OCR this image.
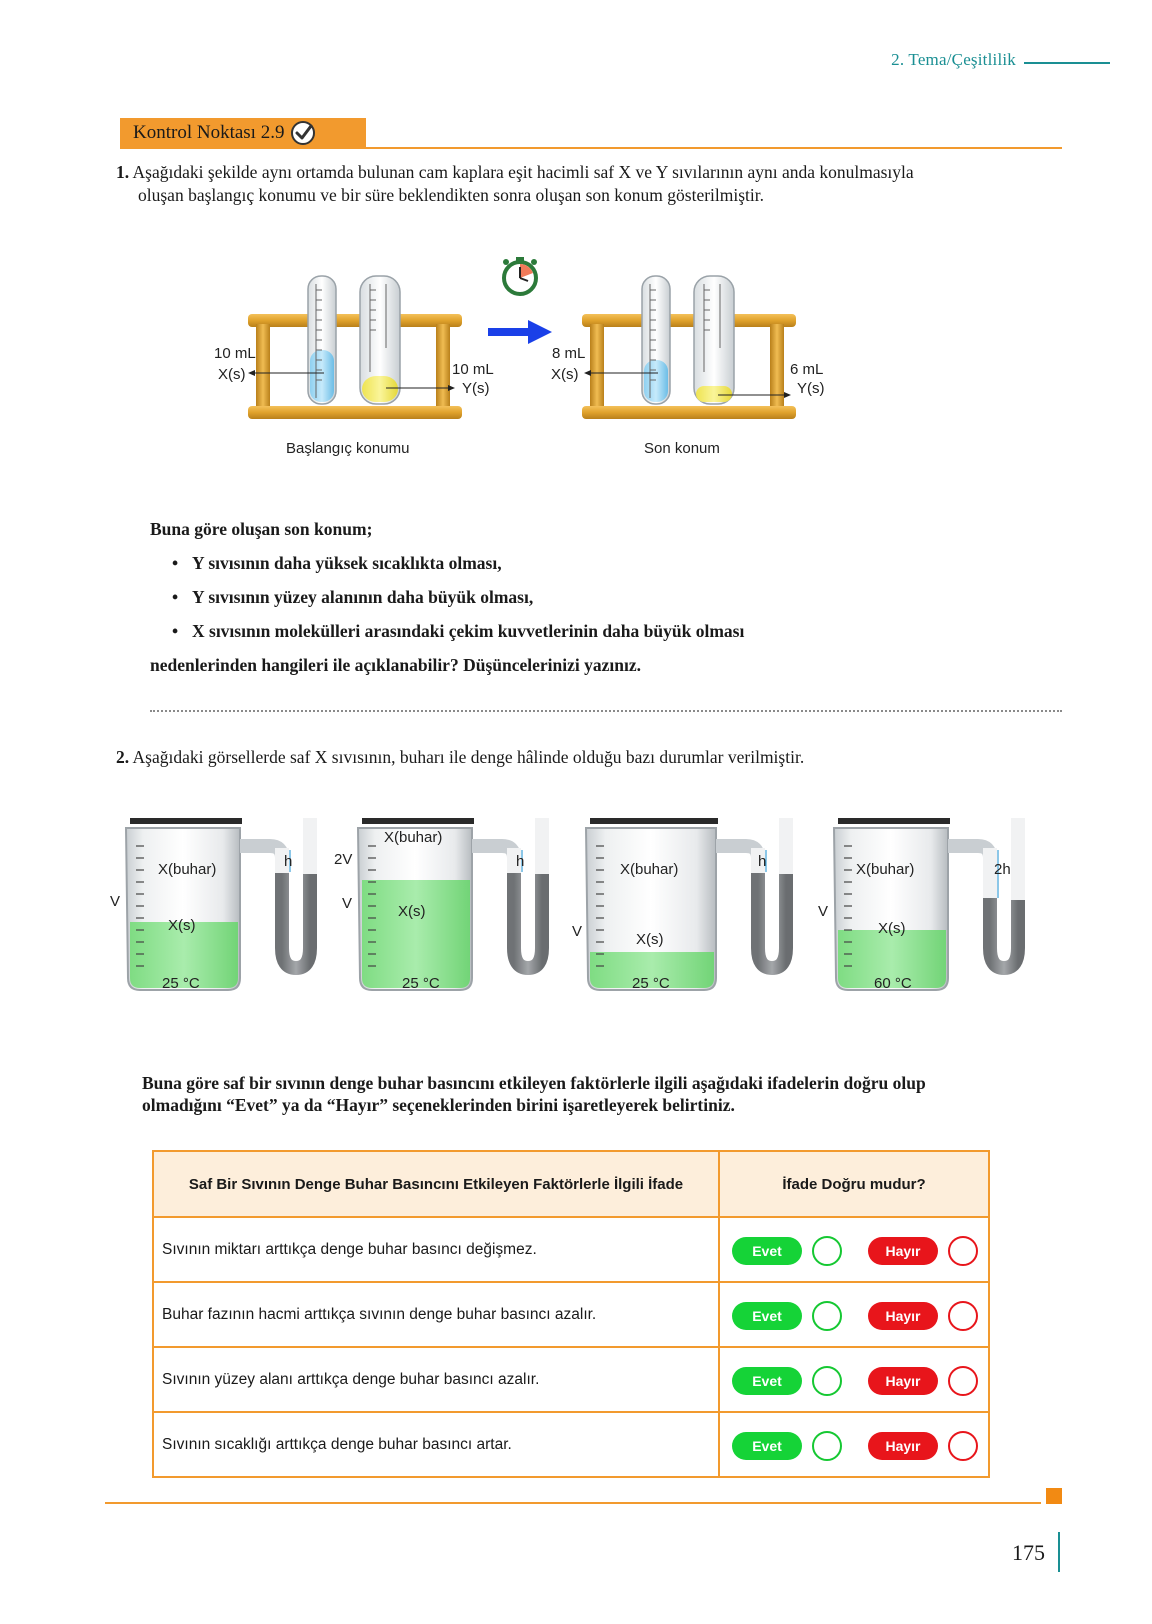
2. Tema/Çeşitlilik
Kontrol Noktası 2.9
1. Aşağıdaki şekilde aynı ortamda bulunan cam kaplara eşit hacimli saf X ve Y sıvılarının aynı anda konulmasıyla
oluşan başlangıç konumu ve bir süre beklendikten sonra oluşan son konum gösterilmiştir.
10 mL
X(s)	10 mL
Y(s)
Başlangıç konumu
8 mL
X(s)	6 mL
Y(s)
Son konum
Buna göre oluşan son konum;
• Y sıvısının daha yüksek sıcaklıkta olması,
• Y sıvısının yüzey alanının daha büyük olması,
• X sıvısının molekülleri arasındaki çekim kuvvetlerinin daha büyük olması
nedenlerinden hangileri ile açıklanabilir? Düşüncelerinizi yazınız.
2. Aşağıdaki görsellerde saf X sıvısının, buharı ile denge hâlinde olduğu bazı durumlar verilmiştir.
X(buhar)
X(s)
V
h
25 °C
X(buhar)
X(s)
2V
V
h
25 °C
X(buhar)
X(s)
V
h
25 °C
X(buhar)
X(s)
V
2h
60 °C
Buna göre saf bir sıvının denge buhar basıncını etkileyen faktörlerle ilgili aşağıdaki ifadelerin doğru olup
olmadığını “Evet” ya da “Hayır” seçeneklerinden birini işaretleyerek belirtiniz.
Saf Bir Sıvının Denge Buhar Basıncını Etkileyen Faktörlerle İlgili İfade	İfade Doğru mudur?
Sıvının miktarı arttıkça denge buhar basıncı değişmez.	Evet Hayır

Buhar fazının hacmi arttıkça sıvının denge buhar basıncı azalır.	Evet Hayır

Sıvının yüzey alanı arttıkça denge buhar basıncı azalır.	Evet Hayır

Sıvının sıcaklığı arttıkça denge buhar basıncı artar.	Evet Hayır
175
